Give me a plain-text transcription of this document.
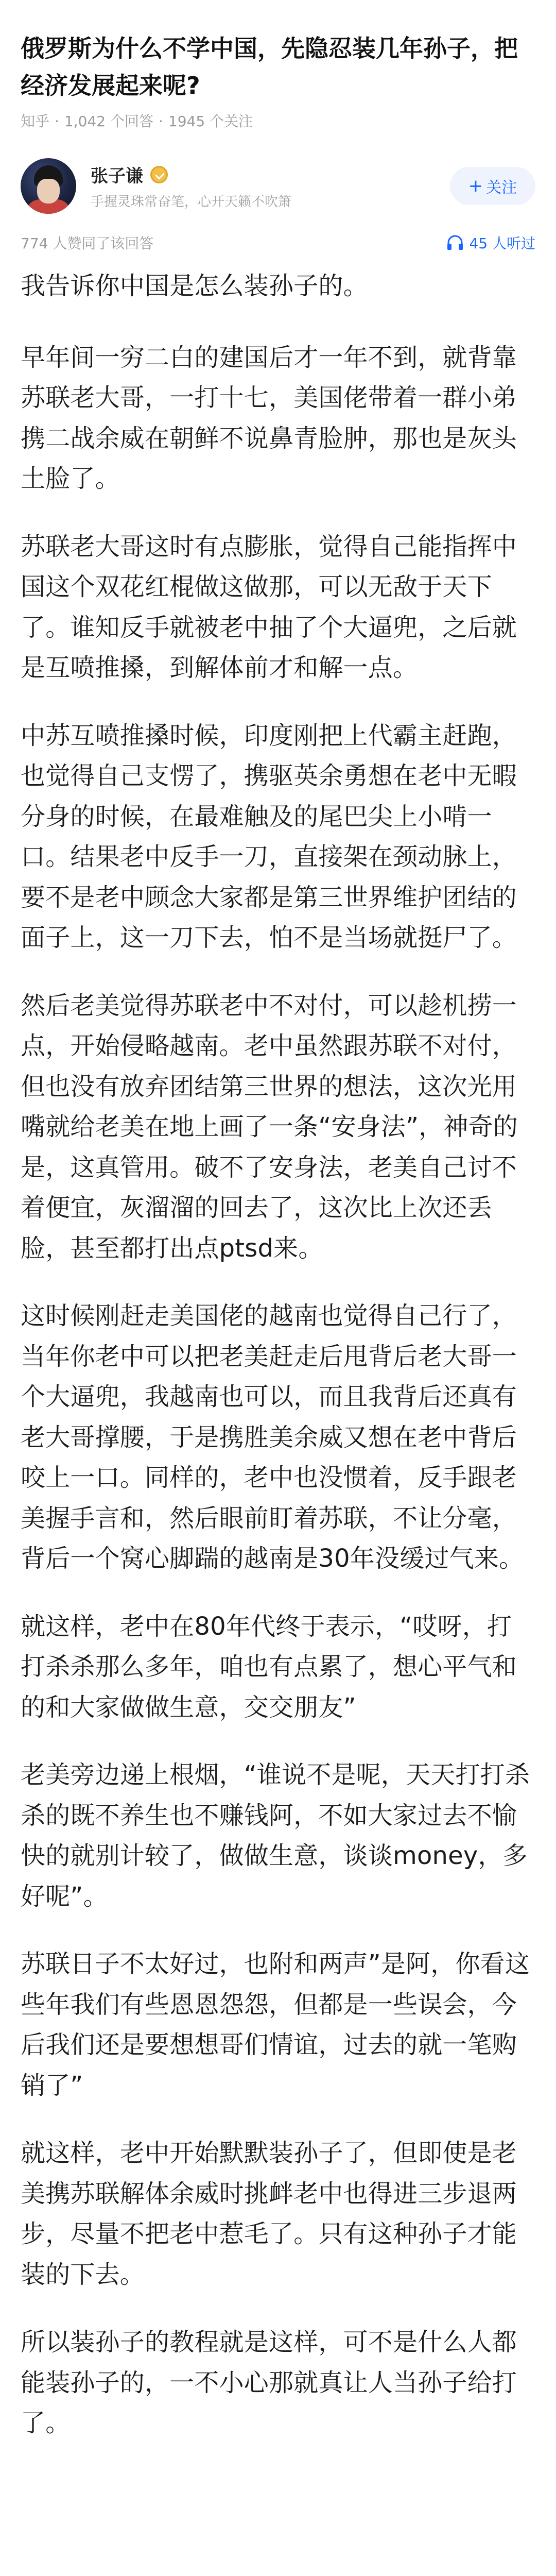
俄罗斯为什么不学中国，先隐忍装几年孙子，把经济发展起来呢?
知乎 · 1,042 个回答 · 1945 个关注
张子谦
手握灵珠常奋笔，心开天籁不吹箫
+ 关注
774 人赞同了该回答	45 人听过

我告诉你中国是怎么装孙子的。

早年间一穷二白的建国后才一年不到，就背靠苏联老大哥，一打十七，美国佬带着一群小弟携二战余威在朝鲜不说鼻青脸肿，那也是灰头土脸了。

苏联老大哥这时有点膨胀，觉得自己能指挥中国这个双花红棍做这做那，可以无敌于天下了。谁知反手就被老中抽了个大逼兜，之后就是互喷推搡，到解体前才和解一点。

中苏互喷推搡时候，印度刚把上代霸主赶跑，也觉得自己支愣了，携驱英余勇想在老中无暇分身的时候，在最难触及的尾巴尖上小啃一口。结果老中反手一刀，直接架在颈动脉上，要不是老中顾念大家都是第三世界维护团结的面子上，这一刀下去，怕不是当场就挺尸了。

然后老美觉得苏联老中不对付，可以趁机捞一点，开始侵略越南。老中虽然跟苏联不对付，但也没有放弃团结第三世界的想法，这次光用嘴就给老美在地上画了一条“安身法”，神奇的是，这真管用。破不了安身法，老美自己讨不着便宜，灰溜溜的回去了，这次比上次还丢脸，甚至都打出点ptsd来。

这时候刚赶走美国佬的越南也觉得自己行了，当年你老中可以把老美赶走后甩背后老大哥一个大逼兜，我越南也可以，而且我背后还真有老大哥撑腰，于是携胜美余威又想在老中背后咬上一口。同样的，老中也没惯着，反手跟老美握手言和，然后眼前盯着苏联，不让分毫，背后一个窝心脚踹的越南是30年没缓过气来。

就这样，老中在80年代终于表示，“哎呀，打打杀杀那么多年，咱也有点累了，想心平气和的和大家做做生意，交交朋友”

老美旁边递上根烟，“谁说不是呢，天天打打杀杀的既不养生也不赚钱阿，不如大家过去不愉快的就别计较了，做做生意，谈谈money，多好呢”。

苏联日子不太好过，也附和两声”是阿，你看这些年我们有些恩恩怨怨，但都是一些误会，今后我们还是要想想哥们情谊，过去的就一笔购销了”

就这样，老中开始默默装孙子了，但即使是老美携苏联解体余威时挑衅老中也得进三步退两步，尽量不把老中惹毛了。只有这种孙子才能装的下去。

所以装孙子的教程就是这样，可不是什么人都能装孙子的，一不小心那就真让人当孙子给打了。
